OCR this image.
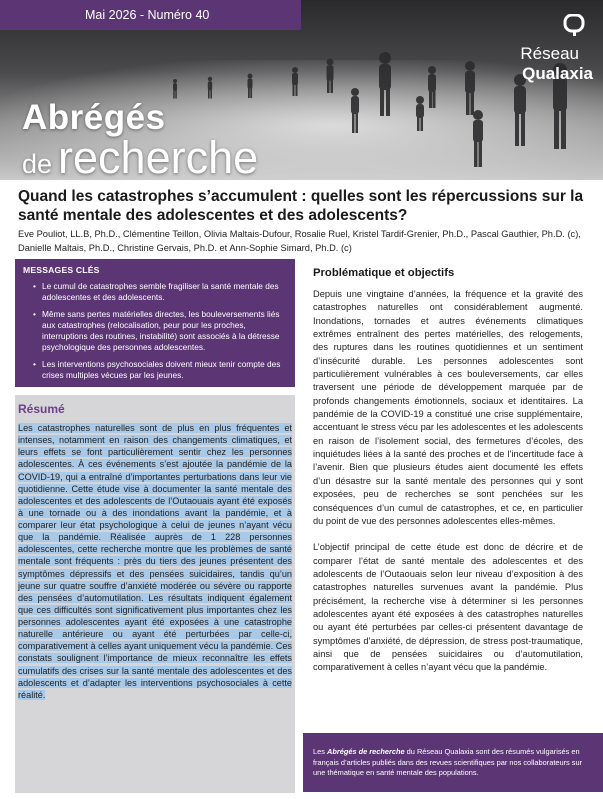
Mai 2026 - Numéro 40
Réseau
Qualaxia
Abrégés
de recherche
Quand les catastrophes s’accumulent : quelles sont les répercussions sur la santé mentale des adolescentes et des adolescents?

Eve Pouliot, LL.B, Ph.D., Clémentine Teillon, Olivia Maltais-Dufour, Rosalie Ruel, Kristel Tardif-Grenier, Ph.D., Pascal Gauthier, Ph.D. (c), Danielle Maltais, Ph.D., Christine Gervais, Ph.D. et Ann-Sophie Simard, Ph.D. (c)

MESSAGES CLÉS
• Le cumul de catastrophes semble fragiliser la santé mentale des adolescentes et des adolescents.
• Même sans pertes matérielles directes, les bouleversements liés aux catastrophes (relocalisation, peur pour les proches, interruptions des routines, instabilité) sont associés à la détresse psychologique des personnes adolescentes.
• Les interventions psychosociales doivent mieux tenir compte des crises multiples vécues par les jeunes.
Résumé

Les catastrophes naturelles sont de plus en plus fréquentes et intenses, notamment en raison des changements climatiques, et leurs effets se font particulièrement sentir chez les personnes adolescentes. À ces événements s’est ajoutée la pandémie de la COVID-19, qui a entraîné d’importantes perturbations dans leur vie quotidienne. Cette étude vise à documenter la santé mentale des adolescentes et des adolescents de l’Outaouais ayant été exposés à une tornade ou à des inondations avant la pandémie, et à comparer leur état psychologique à celui de jeunes n’ayant vécu que la pandémie. Réalisée auprès de 1 228 personnes adolescentes, cette recherche montre que les problèmes de santé mentale sont fréquents : près du tiers des jeunes présentent des symptômes dépressifs et des pensées suicidaires, tandis qu’un jeune sur quatre souffre d’anxiété modérée ou sévère ou rapporte des pensées d’automutilation. Les résultats indiquent également que ces difficultés sont significativement plus importantes chez les personnes adolescentes ayant été exposées à une catastrophe naturelle antérieure ou ayant été perturbées par celle-ci, comparativement à celles ayant uniquement vécu la pandémie. Ces constats soulignent l’importance de mieux reconnaître les effets cumulatifs des crises sur la santé mentale des adolescentes et des adolescents et d’adapter les interventions psychosociales à cette réalité.

Problématique et objectifs

Depuis une vingtaine d’années, la fréquence et la gravité des catastrophes naturelles ont considérablement augmenté. Inondations, tornades et autres événements climatiques extrêmes entraînent des pertes matérielles, des relogements, des ruptures dans les routines quotidiennes et un sentiment d’insécurité durable. Les personnes adolescentes sont particulièrement vulnérables à ces bouleversements, car elles traversent une période de développement marquée par de profonds changements émotionnels, sociaux et identitaires. La pandémie de la COVID-19 a constitué une crise supplémentaire, accentuant le stress vécu par les adolescentes et les adolescents en raison de l’isolement social, des fermetures d’écoles, des inquiétudes liées à la santé des proches et de l’incertitude face à l’avenir. Bien que plusieurs études aient documenté les effets d’un désastre sur la santé mentale des personnes qui y sont exposées, peu de recherches se sont penchées sur les conséquences d’un cumul de catastrophes, et ce, en particulier du point de vue des personnes adolescentes elles-mêmes.

L’objectif principal de cette étude est donc de décrire et de comparer l’état de santé mentale des adolescentes et des adolescents de l’Outaouais selon leur niveau d’exposition à des catastrophes naturelles survenues avant la pandémie. Plus précisément, la recherche vise à déterminer si les personnes adolescentes ayant été exposées à des catastrophes naturelles ou ayant été perturbées par celles-ci présentent davantage de symptômes d’anxiété, de dépression, de stress post-traumatique, ainsi que de pensées suicidaires ou d’automutilation, comparativement à celles n’ayant vécu que la pandémie.

Les Abrégés de recherche du Réseau Qualaxia sont des résumés vulgarisés en français d’articles publiés dans des revues scientifiques par nos collaborateurs sur une thématique en santé mentale des populations.
